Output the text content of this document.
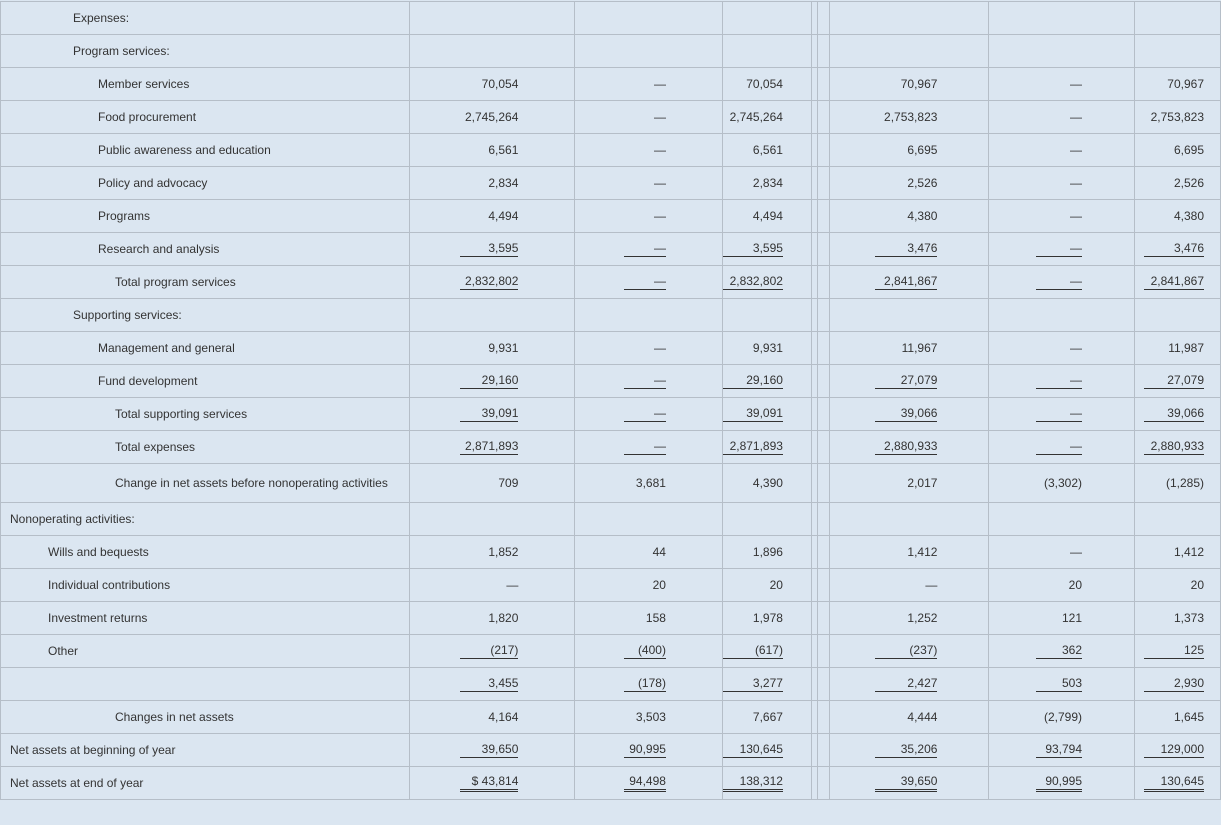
Expenses:								
Program services:								
Member services	70,054	—	70,054			70,967	—	70,967
Food procurement	2,745,264	—	2,745,264			2,753,823	—	2,753,823
Public awareness and education	6,561	—	6,561			6,695	—	6,695
Policy and advocacy	2,834	—	2,834			2,526	—	2,526
Programs	4,494	—	4,494			4,380	—	4,380
Research and analysis	3,595	—	3,595			3,476	—	3,476
Total program services	2,832,802	—	2,832,802			2,841,867	—	2,841,867
Supporting services:								
Management and general	9,931	—	9,931			11,967	—	11,987
Fund development	29,160	—	29,160			27,079	—	27,079
Total supporting services	39,091	—	39,091			39,066	—	39,066
Total expenses	2,871,893	—	2,871,893			2,880,933	—	2,880,933
Change in net assets before nonoperating activities	709	3,681	4,390			2,017	(3,302)	(1,285)
Nonoperating activities:								
Wills and bequests	1,852	44	1,896			1,412	—	1,412
Individual contributions	—	20	20			—	20	20
Investment returns	1,820	158	1,978			1,252	121	1,373
Other	(217)	(400)	(617)			(237)	362	125
	3,455	(178)	3,277			2,427	503	2,930
Changes in net assets	4,164	3,503	7,667			4,444	(2,799)	1,645
Net assets at beginning of year	39,650	90,995	130,645			35,206	93,794	129,000
Net assets at end of year	$ 43,814	94,498	138,312			39,650	90,995	130,645
